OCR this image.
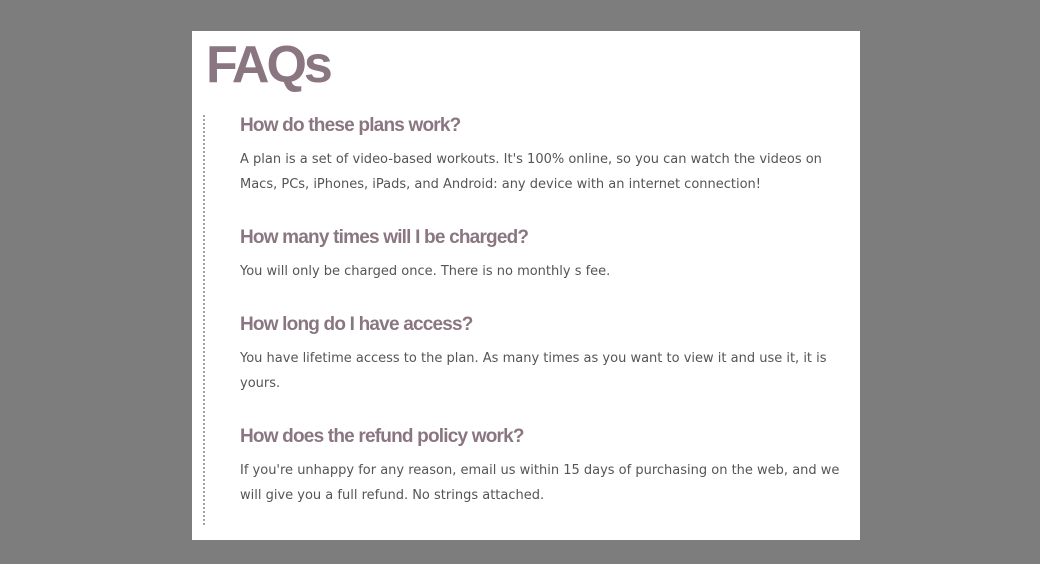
FAQs
How do these plans work?

A plan is a set of video-based workouts. It's 100% online, so you can watch the videos on Macs, PCs, iPhones, iPads, and Android: any device with an internet connection!

How many times will I be charged?

You will only be charged once. There is no monthly s fee.

How long do I have access?

You have lifetime access to the plan. As many times as you want to view it and use it, it is yours.

How does the refund policy work?

If you're unhappy for any reason, email us within 15 days of purchasing on the web, and we will give you a full refund. No strings attached.
